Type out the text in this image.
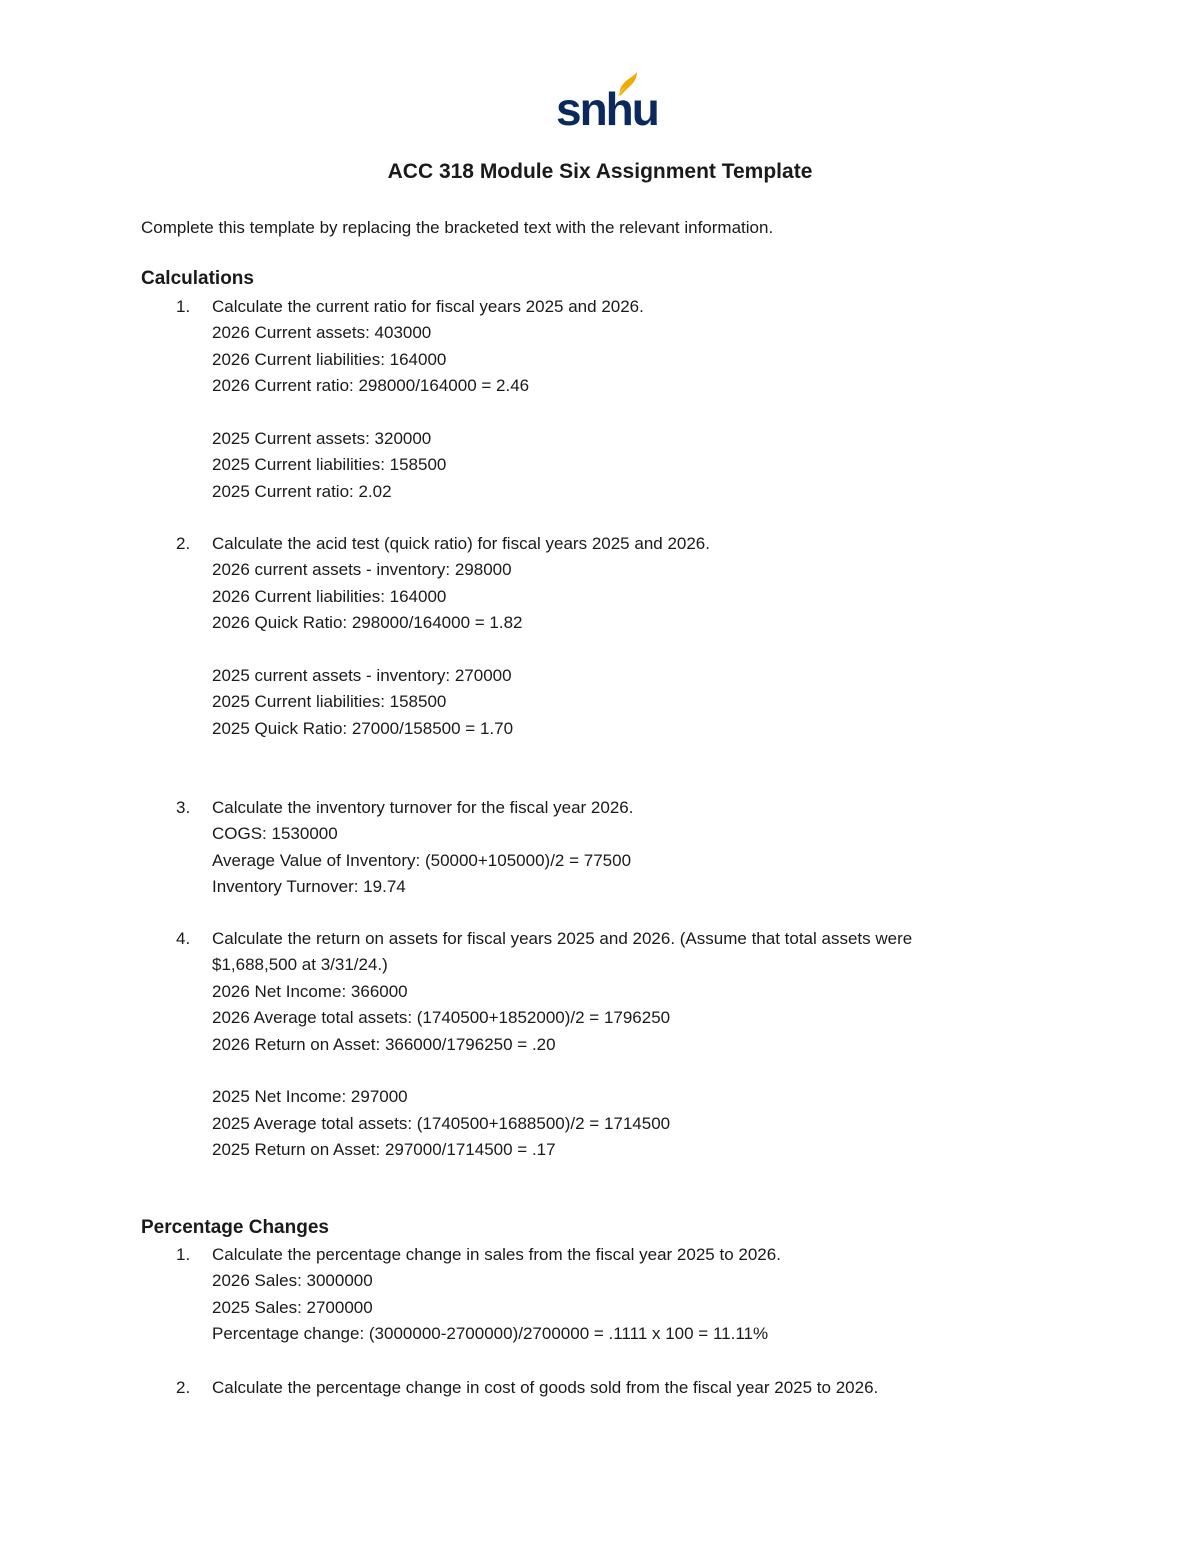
snhu
ACC 318 Module Six Assignment Template
Complete this template by replacing the bracketed text with the relevant information.
Calculations
1. Calculate the current ratio for fiscal years 2025 and 2026.
2026 Current assets: 403000
2026 Current liabilities: 164000
2026 Current ratio: 298000/164000 = 2.46
2025 Current assets: 320000
2025 Current liabilities: 158500
2025 Current ratio: 2.02
2. Calculate the acid test (quick ratio) for fiscal years 2025 and 2026.
2026 current assets - inventory: 298000
2026 Current liabilities: 164000
2026 Quick Ratio: 298000/164000 = 1.82
2025 current assets - inventory: 270000
2025 Current liabilities: 158500
2025 Quick Ratio: 27000/158500 = 1.70
3. Calculate the inventory turnover for the fiscal year 2026.
COGS: 1530000
Average Value of Inventory: (50000+105000)/2 = 77500
Inventory Turnover: 19.74
4. Calculate the return on assets for fiscal years 2025 and 2026. (Assume that total assets were
$1,688,500 at 3/31/24.)
2026 Net Income: 366000
2026 Average total assets: (1740500+1852000)/2 = 1796250
2026 Return on Asset: 366000/1796250 = .20
2025 Net Income: 297000
2025 Average total assets: (1740500+1688500)/2 = 1714500
2025 Return on Asset: 297000/1714500 = .17
Percentage Changes
1. Calculate the percentage change in sales from the fiscal year 2025 to 2026.
2026 Sales: 3000000
2025 Sales: 2700000
Percentage change: (3000000-2700000)/2700000 = .1111 x 100 = 11.11%
2. Calculate the percentage change in cost of goods sold from the fiscal year 2025 to 2026.
